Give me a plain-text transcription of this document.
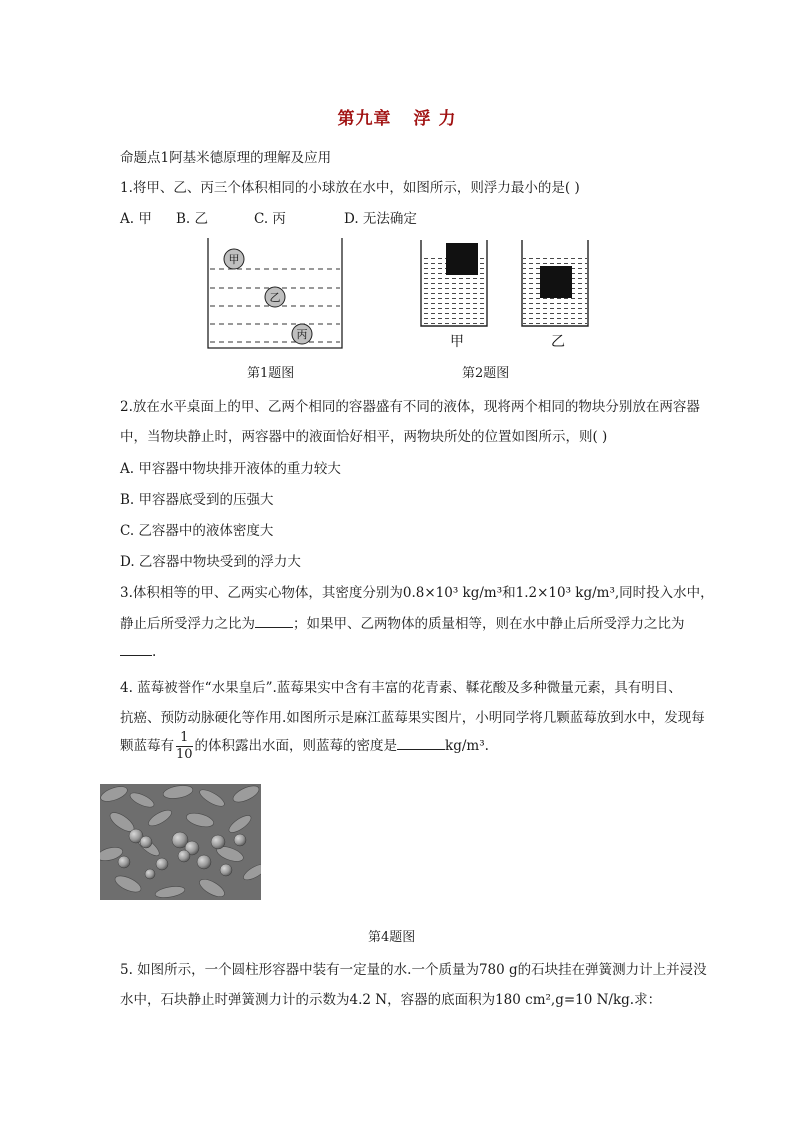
第九章 浮 力
命题点1阿基米德原理的理解及应用
1.将甲、乙、丙三个体积相同的小球放在水中，如图所示，则浮力最小的是( )
A. 甲 B. 乙	C. 丙	D. 无法确定
甲
乙
丙	甲	乙
第1题图	第2题图
2.放在水平桌面上的甲、乙两个相同的容器盛有不同的液体，现将两个相同的物块分别放在两容器
中，当物块静止时，两容器中的液面恰好相平，两物块所处的位置如图所示，则( )
A. 甲容器中物块排开液体的重力较大
B. 甲容器底受到的压强大
C. 乙容器中的液体密度大
D. 乙容器中物块受到的浮力大
3.体积相等的甲、乙两实心物体，其密度分别为0.8×10³ kg/m³和1.2×10³ kg/m³,同时投入水中，
静止后所受浮力之比为	；如果甲、乙两物体的质量相等，则在水中静止后所受浮力之比为
.
4. 蓝莓被誉作“水果皇后”.蓝莓果实中含有丰富的花青素、鞣花酸及多种微量元素，具有明目、
抗癌、预防动脉硬化等作用.如图所示是麻江蓝莓果实图片，小明同学将几颗蓝莓放到水中，发现每
颗蓝莓有 $\frac{1}{10}$ 的体积露出水面，则蓝莓的密度是	kg/m³.
第4题图
5. 如图所示，一个圆柱形容器中装有一定量的水.一个质量为780 g的石块挂在弹簧测力计上并浸没
水中，石块静止时弹簧测力计的示数为4.2 N，容器的底面积为180 cm²,g=10 N/kg.求：
